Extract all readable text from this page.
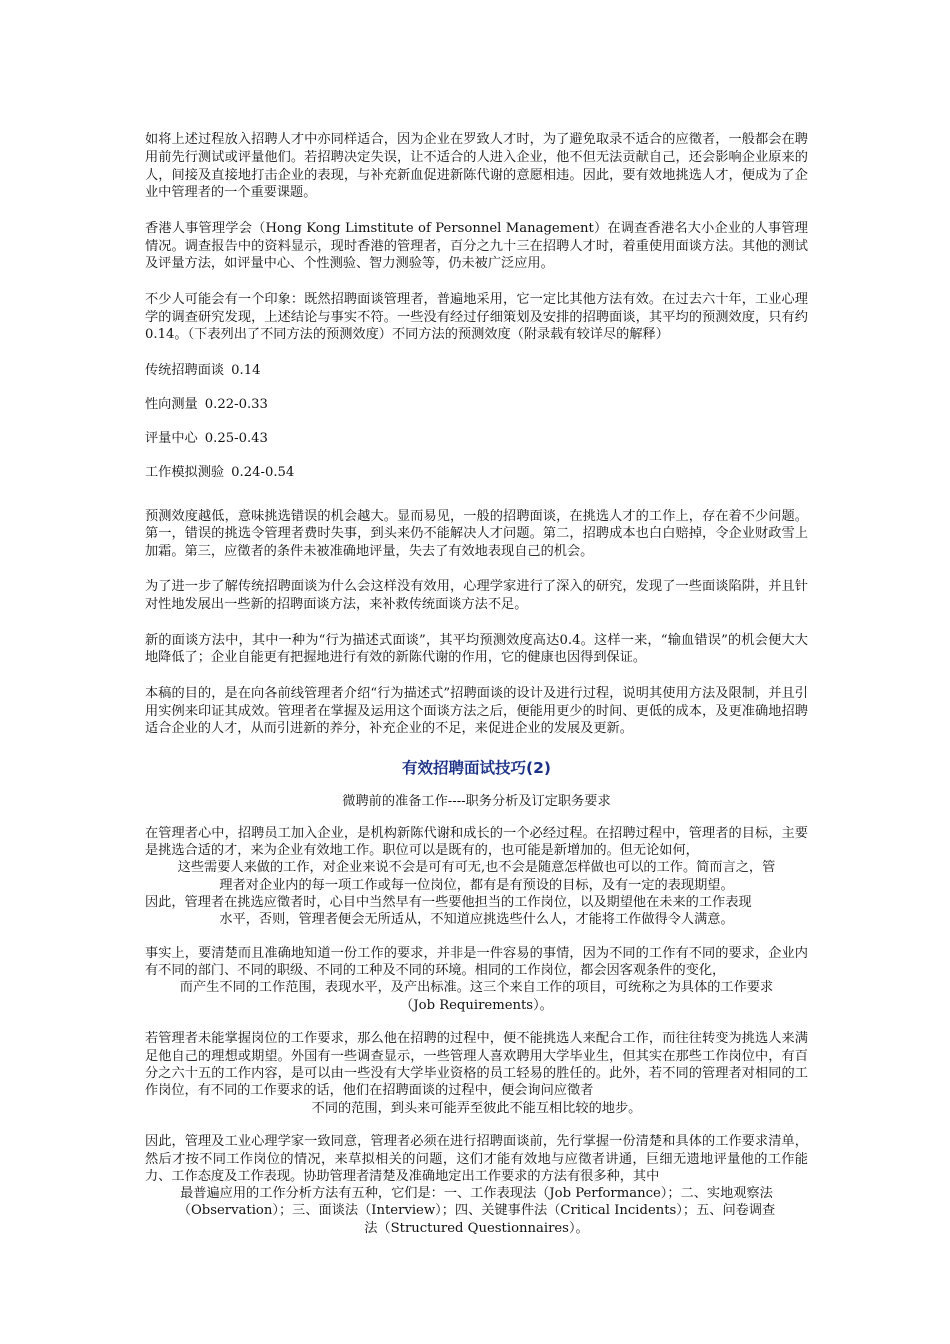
如将上述过程放入招聘人才中亦同样适合，因为企业在罗致人才时，为了避免取录不适合的应徵者，一般都会在聘用前先行测试或评量他们。若招聘决定失误，让不适合的人进入企业，他不但无法贡献自己，还会影响企业原来的人，间接及直接地打击企业的表现，与补充新血促进新陈代谢的意愿相违。因此，要有效地挑选人才，便成为了企业中管理者的一个重要课题。

香港人事管理学会（Hong Kong Limstitute of Personnel Management）在调查香港名大小企业的人事管理情况。调查报告中的资料显示，现时香港的管理者，百分之九十三在招聘人才时，着重使用面谈方法。其他的测试及评量方法，如评量中心、个性测验、智力测验等，仍未被广泛应用。

不少人可能会有一个印象：既然招聘面谈管理者，普遍地采用，它一定比其他方法有效。在过去六十年，工业心理学的调查研究发现，上述结论与事实不符。一些没有经过仔细策划及安排的招聘面谈，其平均的预测效度，只有约0.14。（下表列出了不同方法的预测效度）不同方法的预测效度（附录载有较详尽的解释）

传统招聘面谈 0.14

性向测量 0.22-0.33

评量中心 0.25-0.43

工作模拟测验 0.24-0.54

预测效度越低，意味挑选错误的机会越大。显而易见，一般的招聘面谈，在挑选人才的工作上，存在着不少问题。第一，错误的挑选令管理者费时失事，到头来仍不能解决人才问题。第二，招聘成本也白白赔掉，令企业财政雪上加霜。第三，应徵者的条件未被准确地评量，失去了有效地表现自己的机会。

为了进一步了解传统招聘面谈为什么会这样没有效用，心理学家进行了深入的研究，发现了一些面谈陷阱，并且针对性地发展出一些新的招聘面谈方法，来补救传统面谈方法不足。

新的面谈方法中，其中一种为“行为描述式面谈”，其平均预测效度高达0.4。这样一来，“输血错误”的机会便大大地降低了；企业自能更有把握地进行有效的新陈代谢的作用，它的健康也因得到保证。

本稿的目的，是在向各前线管理者介绍“行为描述式”招聘面谈的设计及进行过程，说明其使用方法及限制，并且引用实例来印证其成效。管理者在掌握及运用这个面谈方法之后，便能用更少的时间、更低的成本，及更准确地招聘适合企业的人才，从而引进新的养分，补充企业的不足，来促进企业的发展及更新。

有效招聘面试技巧(2)

微聘前的准备工作----职务分析及订定职务要求

在管理者心中，招聘员工加入企业，是机构新陈代谢和成长的一个必经过程。在招聘过程中，管理者的目标，主要是挑选合适的才，来为企业有效地工作。职位可以是既有的，也可能是新增加的。但无论如何，

这些需要人来做的工作，对企业来说不会是可有可无,也不会是随意怎样做也可以的工作。简而言之，管

理者对企业内的每一项工作或每一位岗位，都有是有预设的目标，及有一定的表现期望。

因此，管理者在挑选应徵者时，心目中当然早有一些要他担当的工作岗位，以及期望他在未来的工作表现

水平，否则，管理者便会无所适从，不知道应挑选些什么人，才能将工作做得令人满意。

事实上，要清楚而且准确地知道一份工作的要求，并非是一件容易的事情，因为不同的工作有不同的要求，企业内有不同的部门、不同的职级、不同的工种及不同的环境。相同的工作岗位，都会因客观条件的变化，

而产生不同的工作范围，表现水平，及产出标准。这三个来自工作的项目，可统称之为具体的工作要求

（Job Requirements）。

若管理者未能掌握岗位的工作要求，那么他在招聘的过程中，便不能挑选人来配合工作，而往往转变为挑选人来满足他自己的理想或期望。外国有一些调查显示，一些管理人喜欢聘用大学毕业生，但其实在那些工作岗位中，有百分之六十五的工作内容，是可以由一些没有大学毕业资格的员工轻易的胜任的。此外，若不同的管理者对相同的工作岗位，有不同的工作要求的话，他们在招聘面谈的过程中，便会询问应徵者

不同的范围，到头来可能弄至彼此不能互相比较的地步。

因此，管理及工业心理学家一致同意，管理者必须在进行招聘面谈前，先行掌握一份清楚和具体的工作要求清单，然后才按不同工作岗位的情况，来草拟相关的问题，这们才能有效地与应徵者讲通，巨细无遗地评量他的工作能力、工作态度及工作表现。协助管理者清楚及准确地定出工作要求的方法有很多种，其中

最普遍应用的工作分析方法有五种，它们是：一、工作表现法（Job Performance）；二、实地观察法

（Observation）；三、面谈法（Interview）；四、关键事件法（Critical Incidents）；五、问卷调查

法（Structured Questionnaires）。
